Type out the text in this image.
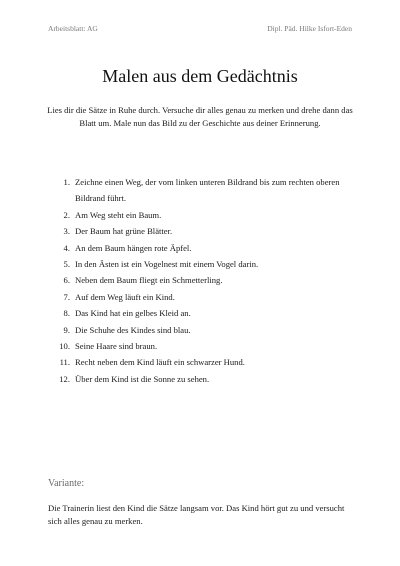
Arbeitsblatt: AG	Dipl. Päd. Hilke Isfort-Eden
Malen aus dem Gedächtnis
Lies dir die Sätze in Ruhe durch. Versuche dir alles genau zu merken und drehe dann das Blatt um. Male nun das Bild zu der Geschichte aus deiner Erinnerung.
1. Zeichne einen Weg, der vom linken unteren Bildrand bis zum rechten oberen Bildrand führt.
2. Am Weg steht ein Baum.
3. Der Baum hat grüne Blätter.
4. An dem Baum hängen rote Äpfel.
5. In den Ästen ist ein Vogelnest mit einem Vogel darin.
6. Neben dem Baum fliegt ein Schmetterling.
7. Auf dem Weg läuft ein Kind.
8. Das Kind hat ein gelbes Kleid an.
9. Die Schuhe des Kindes sind blau.
10. Seine Haare sind braun.
11. Recht neben dem Kind läuft ein schwarzer Hund.
12. Über dem Kind ist die Sonne zu sehen.
Variante:
Die Trainerin liest den Kind die Sätze langsam vor. Das Kind hört gut zu und versucht sich alles genau zu merken.
